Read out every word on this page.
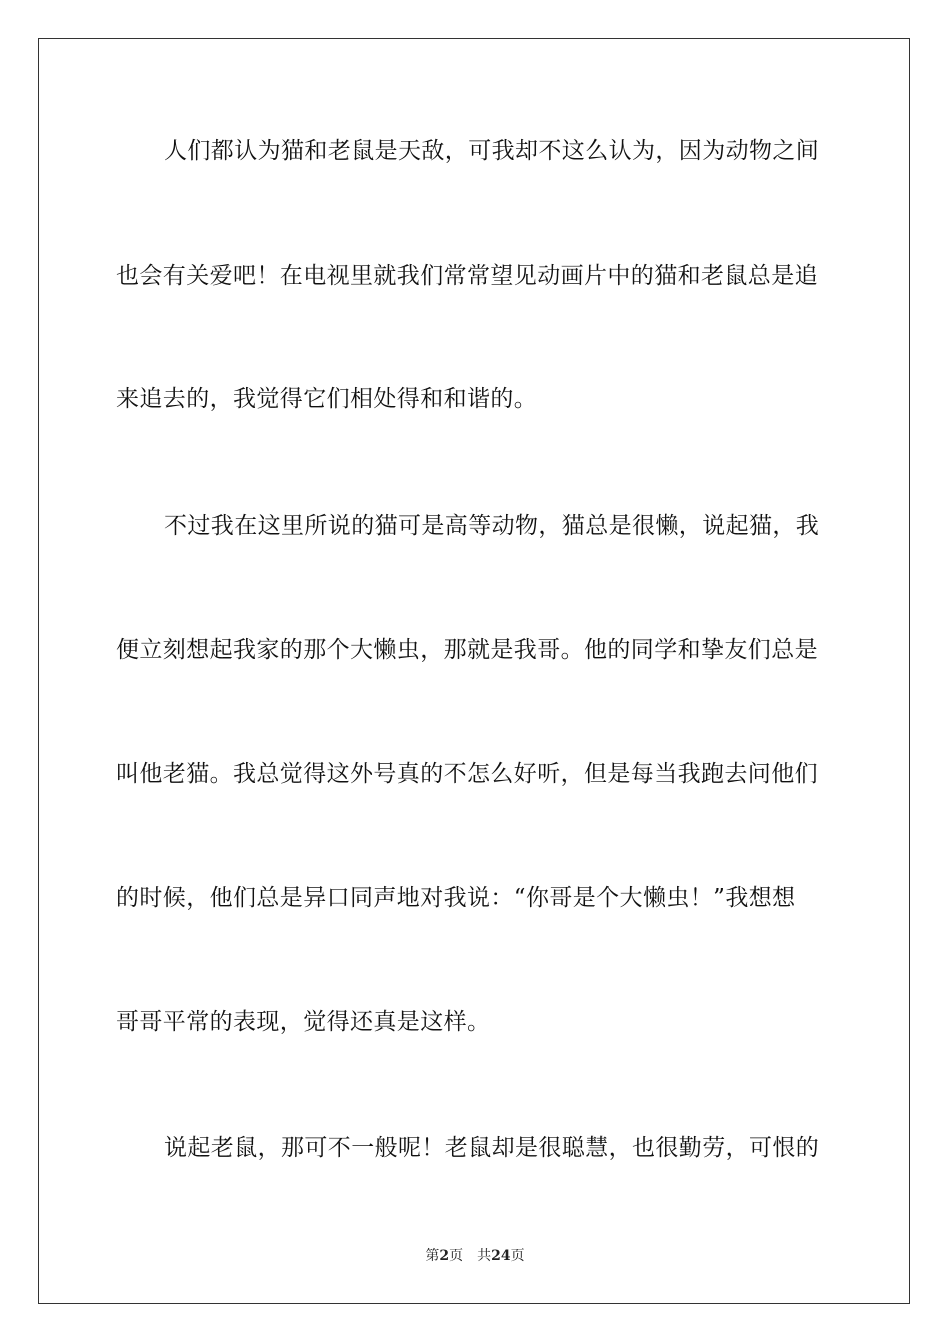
人们都认为猫和老鼠是天敌，可我却不这么认为，因为动物之间
也会有关爱吧！在电视里就我们常常望见动画片中的猫和老鼠总是追
来追去的，我觉得它们相处得和和谐的。
不过我在这里所说的猫可是高等动物，猫总是很懒，说起猫，我
便立刻想起我家的那个大懒虫，那就是我哥。他的同学和挚友们总是
叫他老猫。我总觉得这外号真的不怎么好听，但是每当我跑去问他们
的时候，他们总是异口同声地对我说：“你哥是个大懒虫！”我想想
哥哥平常的表现，觉得还真是这样。
说起老鼠，那可不一般呢！老鼠却是很聪慧，也很勤劳，可恨的
第2页 共24页
